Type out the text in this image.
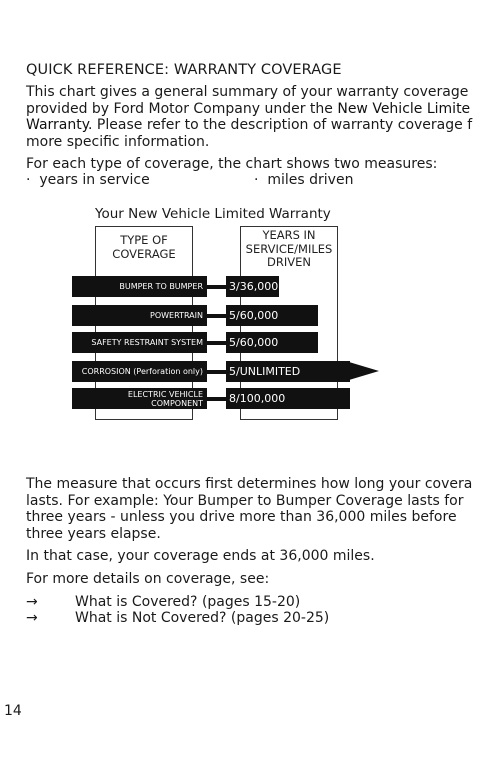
QUICK REFERENCE: WARRANTY COVERAGE
This chart gives a general summary of your warranty coverage
provided by Ford Motor Company under the New Vehicle Limite
Warranty. Please refer to the description of warranty coverage f
more specific information.
For each type of coverage, the chart shows two measures:
·  years in service	·  miles driven
Your New Vehicle Limited Warranty
TYPE OF
COVERAGE
YEARS IN
SERVICE/MILES
DRIVEN
BUMPER TO BUMPER	3/36,000
POWERTRAIN	5/60,000
SAFETY RESTRAINT SYSTEM	5/60,000
CORROSION (Perforation only)	5/UNLIMITED
ELECTRIC VEHICLE
COMPONENT 8/100,000
The measure that occurs first determines how long your covera
lasts. For example: Your Bumper to Bumper Coverage lasts for
three years - unless you drive more than 36,000 miles before
three years elapse.
In that case, your coverage ends at 36,000 miles.
For more details on coverage, see:
→	What is Covered? (pages 15-20)
→	What is Not Covered? (pages 20-25)
14
